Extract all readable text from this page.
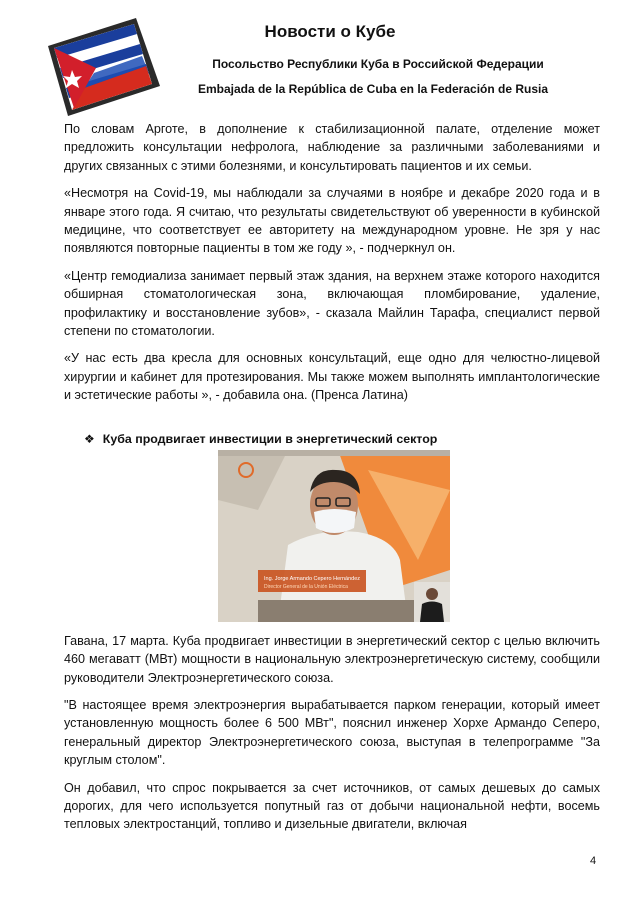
Новости о Кубе
Посольство Республики Куба в Российской Федерации
Embajada de la República de Cuba en la Federación de Rusia

По словам Арготе, в дополнение к стабилизационной палате, отделение может предложить консультации нефролога, наблюдение за различными заболеваниями и других связанных с этими болезнями, и консультировать пациентов и их семьи.

«Несмотря на Covid-19, мы наблюдали за случаями в ноябре и декабре 2020 года и в январе этого года. Я считаю, что результаты свидетельствуют об уверенности в кубинской медицине, что соответствует ее авторитету на международном уровне. Не зря у нас появляются повторные пациенты в том же году », - подчеркнул он.

«Центр гемодиализа занимает первый этаж здания, на верхнем этаже которого находится обширная стоматологическая зона, включающая пломбирование, удаление, профилактику и восстановление зубов», - сказала Майлин Тарафа, специалист первой степени по стоматологии.

«У нас есть два кресла для основных консультаций, еще одно для челюстно-лицевой хирургии и кабинет для протезирования. Мы также можем выполнять имплантологические и эстетические работы », - добавила она. (Пренса Латина)

❖ Куба продвигает инвестиции в энергетический сектор
Ing. Jorge Armando Cepero Hernández
Director General de la Unión Eléctrica

Гавана, 17 марта. Куба продвигает инвестиции в энергетический сектор с целью включить 460 мегаватт (МВт) мощности в национальную электроэнергетическую систему, сообщили руководители Электроэнергетического союза.

"В настоящее время электроэнергия вырабатывается парком генерации, который имеет установленную мощность более 6 500 МВт", пояснил инженер Хорхе Армандо Сеперо, генеральный директор Электроэнергетического союза, выступая в телепрограмме "За круглым столом".

Он добавил, что спрос покрывается за счет источников, от самых дешевых до самых дорогих, для чего используется попутный газ от добычи национальной нефти, восемь тепловых электростанций, топливо и дизельные двигатели, включая

4
